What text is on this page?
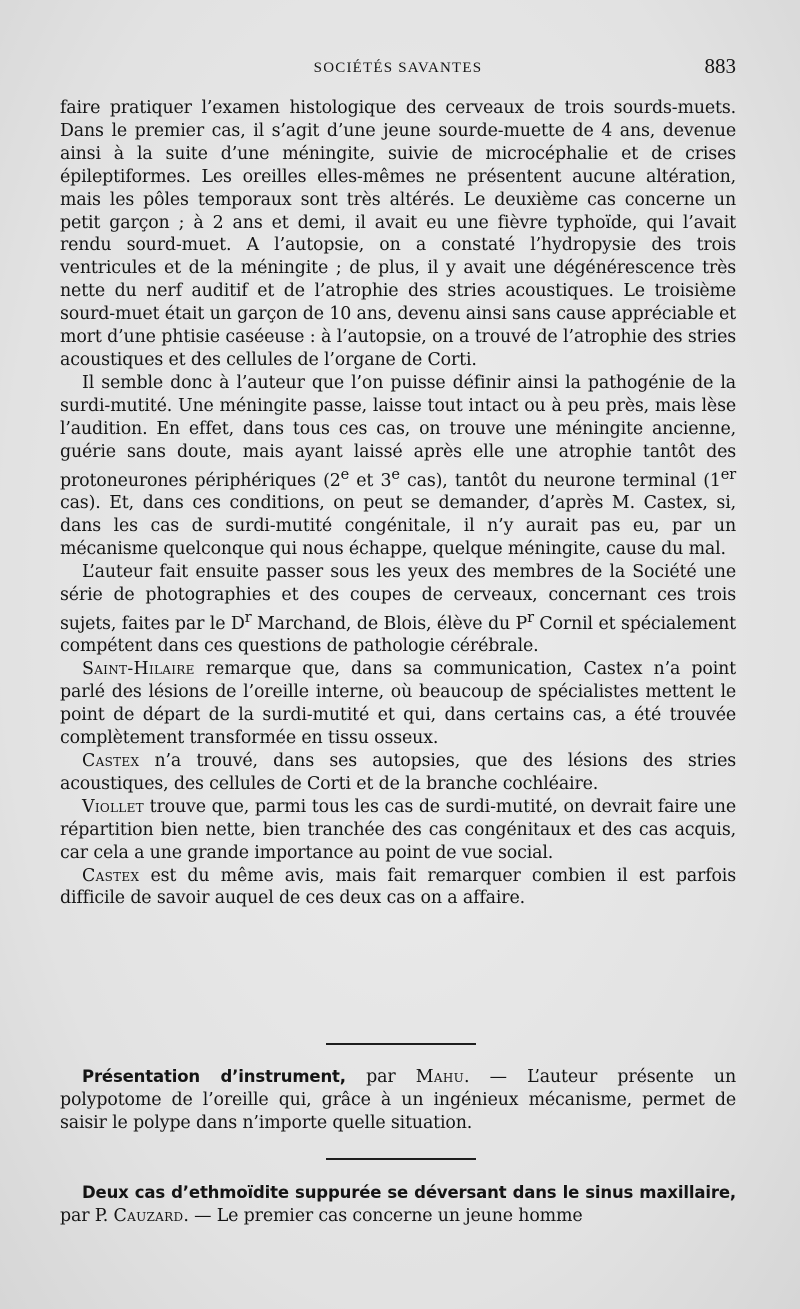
SOCIÉTÉS SAVANTES	883

faire pratiquer l’examen histologique des cerveaux de trois sourds-muets. Dans le premier cas, il s’agit d’une jeune sourde-muette de 4 ans, devenue ainsi à la suite d’une méningite, suivie de microcéphalie et de crises épileptiformes. Les oreilles elles-mêmes ne présentent aucune altération, mais les pôles temporaux sont très altérés. Le deuxième cas concerne un petit garçon ; à 2 ans et demi, il avait eu une fièvre typhoïde, qui l’avait rendu sourd-muet. A l’autopsie, on a constaté l’hydropysie des trois ventricules et de la méningite ; de plus, il y avait une dégénérescence très nette du nerf auditif et de l’atrophie des stries acoustiques. Le troisième sourd-muet était un garçon de 10 ans, devenu ainsi sans cause appréciable et mort d’une phtisie caséeuse : à l’autopsie, on a trouvé de l’atrophie des stries acoustiques et des cellules de l’organe de Corti.

Il semble donc à l’auteur que l’on puisse définir ainsi la pathogénie de la surdi-mutité. Une méningite passe, laisse tout intact ou à peu près, mais lèse l’audition. En effet, dans tous ces cas, on trouve une méningite ancienne, guérie sans doute, mais ayant laissé après elle une atrophie tantôt des protoneurones périphériques (2e et 3e cas), tantôt du neurone terminal (1er cas). Et, dans ces conditions, on peut se demander, d’après M. Castex, si, dans les cas de surdi-mutité congénitale, il n’y aurait pas eu, par un mécanisme quelconque qui nous échappe, quelque méningite, cause du mal.

L’auteur fait ensuite passer sous les yeux des membres de la Société une série de photographies et des coupes de cerveaux, concernant ces trois sujets, faites par le $D^r$ Marchand, de Blois, élève du $P^r$ Cornil et spécialement compétent dans ces questions de pathologie cérébrale.

Saint-Hilaire remarque que, dans sa communication, Castex n’a point parlé des lésions de l’oreille interne, où beaucoup de spécialistes mettent le point de départ de la surdi-mutité et qui, dans certains cas, a été trouvée complètement transformée en tissu osseux.

Castex n’a trouvé, dans ses autopsies, que des lésions des stries acoustiques, des cellules de Corti et de la branche cochléaire.

Viollet trouve que, parmi tous les cas de surdi-mutité, on devrait faire une répartition bien nette, bien tranchée des cas congénitaux et des cas acquis, car cela a une grande importance au point de vue social.

Castex est du même avis, mais fait remarquer combien il est parfois difficile de savoir auquel de ces deux cas on a affaire.

Présentation d’instrument, par Mahu. — L’auteur présente un polypotome de l’oreille qui, grâce à un ingénieux mécanisme, permet de saisir le polype dans n’importe quelle situation.

Deux cas d’ethmoïdite suppurée se déversant dans le sinus maxillaire, par P. Cauzard. — Le premier cas concerne un jeune homme
